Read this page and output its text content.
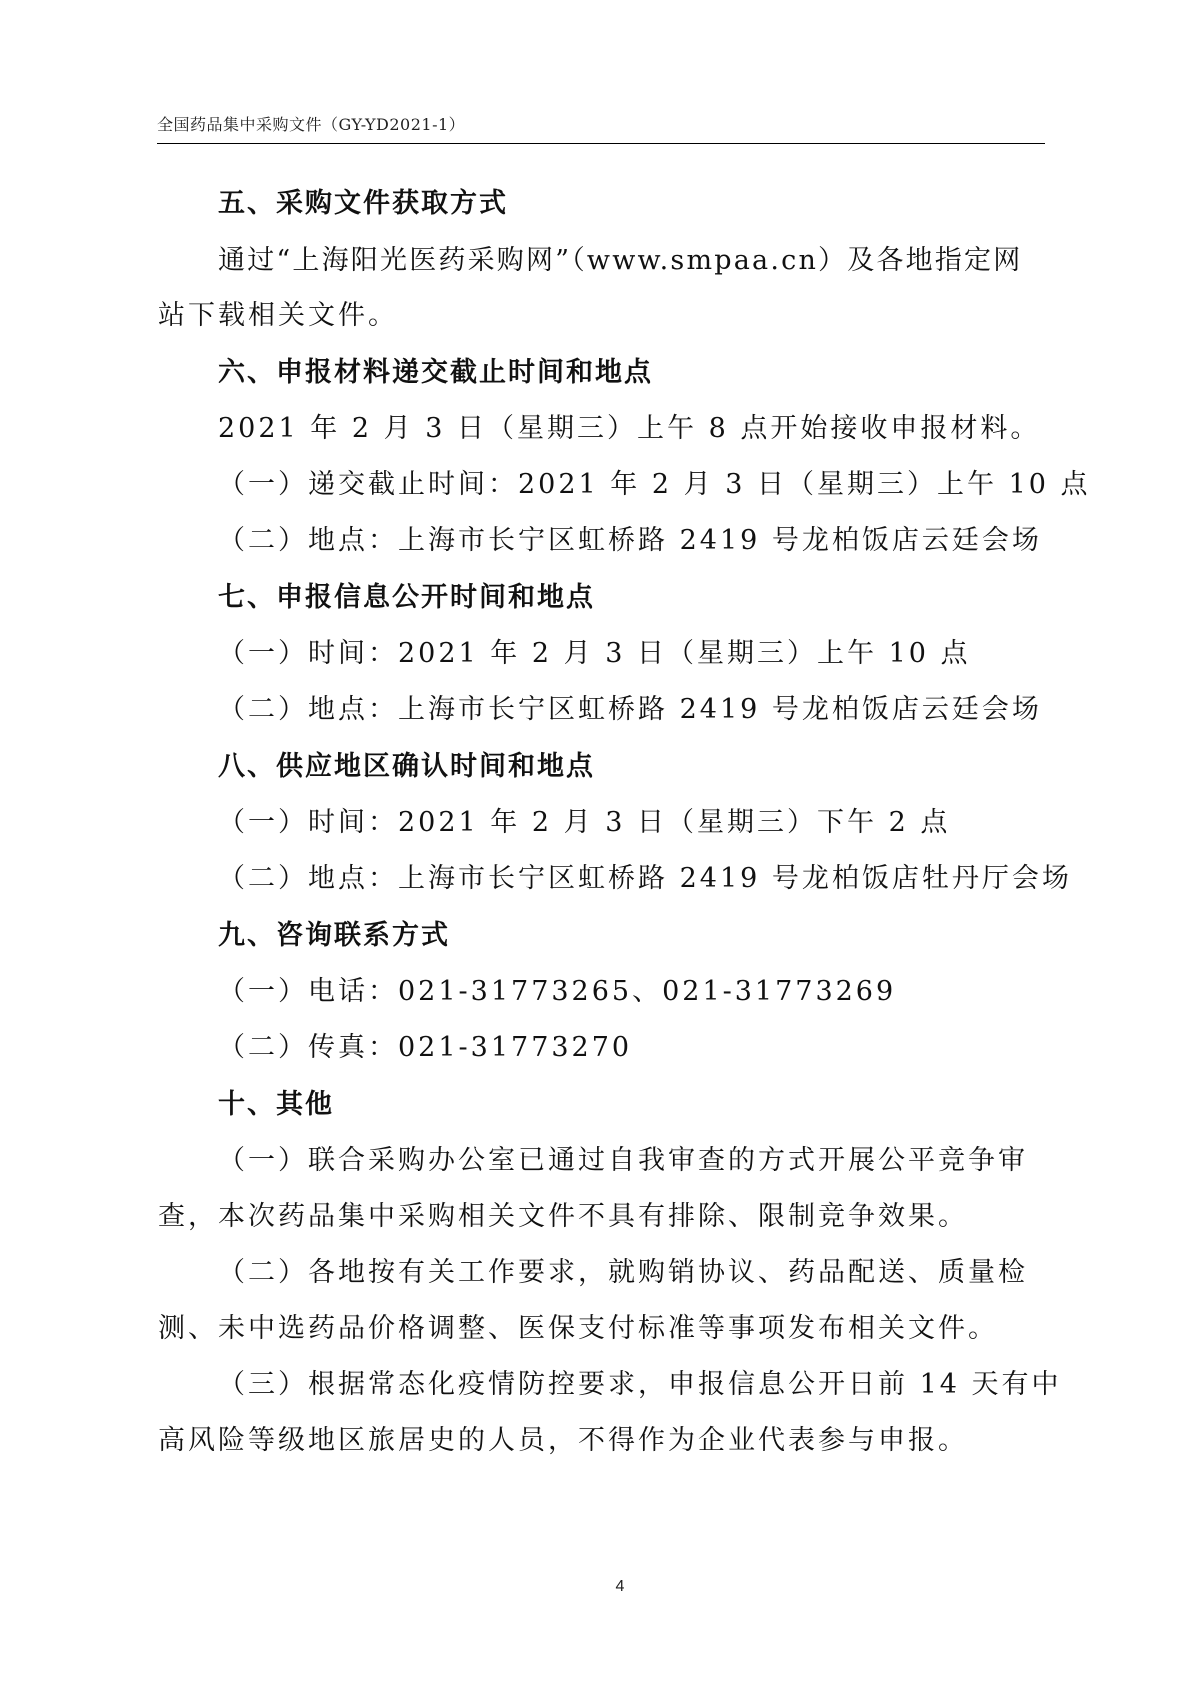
全国药品集中采购文件（GY-YD2021-1）
五、采购文件获取方式
通过“上海阳光医药采购网”（www.smpaa.cn）及各地指定网
站下载相关文件。
六、申报材料递交截止时间和地点
2021 年 2 月 3 日（星期三）上午 8 点开始接收申报材料。
（一）递交截止时间：2021 年 2 月 3 日（星期三）上午 10 点
（二）地点：上海市长宁区虹桥路 2419 号龙柏饭店云廷会场
七、申报信息公开时间和地点
（一）时间：2021 年 2 月 3 日（星期三）上午 10 点
（二）地点：上海市长宁区虹桥路 2419 号龙柏饭店云廷会场
八、供应地区确认时间和地点
（一）时间：2021 年 2 月 3 日（星期三）下午 2 点
（二）地点：上海市长宁区虹桥路 2419 号龙柏饭店牡丹厅会场
九、咨询联系方式
（一）电话：021-31773265、021-31773269
（二）传真：021-31773270
十、其他
（一）联合采购办公室已通过自我审查的方式开展公平竞争审
查，本次药品集中采购相关文件不具有排除、限制竞争效果。
（二）各地按有关工作要求，就购销协议、药品配送、质量检
测、未中选药品价格调整、医保支付标准等事项发布相关文件。
（三）根据常态化疫情防控要求，申报信息公开日前 14 天有中
高风险等级地区旅居史的人员，不得作为企业代表参与申报。
4
